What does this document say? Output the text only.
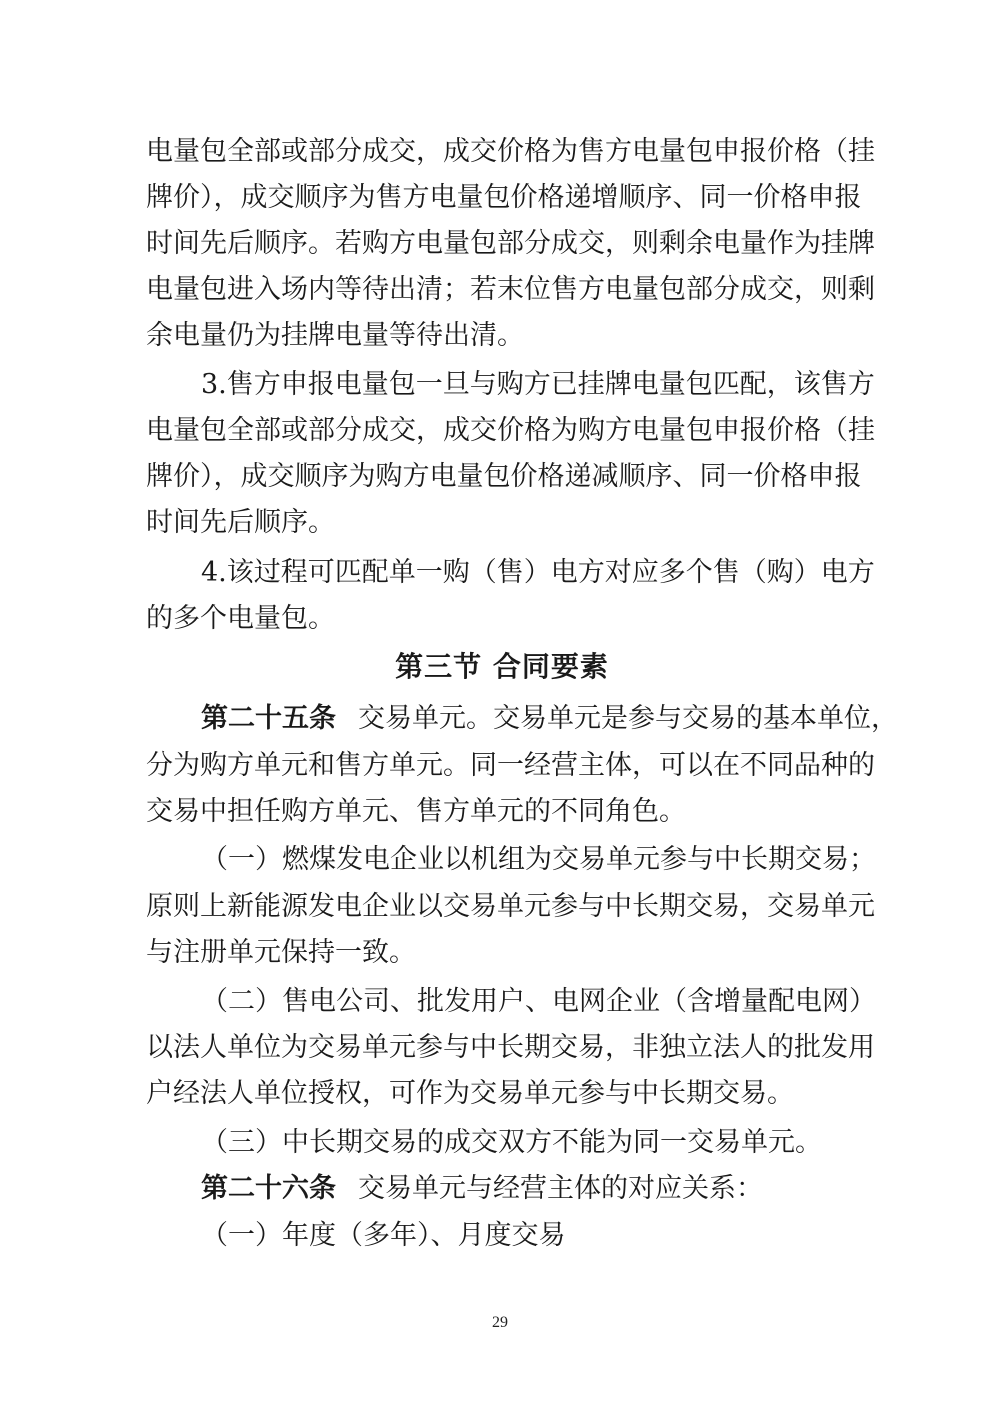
电量包全部或部分成交，成交价格为售方电量包申报价格（挂
牌价），成交顺序为售方电量包价格递增顺序、同一价格申报
时间先后顺序。若购方电量包部分成交，则剩余电量作为挂牌
电量包进入场内等待出清；若末位售方电量包部分成交，则剩
余电量仍为挂牌电量等待出清。
3.售方申报电量包一旦与购方已挂牌电量包匹配，该售方
电量包全部或部分成交，成交价格为购方电量包申报价格（挂
牌价），成交顺序为购方电量包价格递减顺序、同一价格申报
时间先后顺序。
4.该过程可匹配单一购（售）电方对应多个售（购）电方
的多个电量包。
第三节 合同要素
第二十五条 交易单元。交易单元是参与交易的基本单位，
分为购方单元和售方单元。同一经营主体，可以在不同品种的
交易中担任购方单元、售方单元的不同角色。
（一）燃煤发电企业以机组为交易单元参与中长期交易；
原则上新能源发电企业以交易单元参与中长期交易，交易单元
与注册单元保持一致。
（二）售电公司、批发用户、电网企业（含增量配电网）
以法人单位为交易单元参与中长期交易，非独立法人的批发用
户经法人单位授权，可作为交易单元参与中长期交易。
（三）中长期交易的成交双方不能为同一交易单元。
第二十六条 交易单元与经营主体的对应关系：
（一）年度（多年）、月度交易
29
